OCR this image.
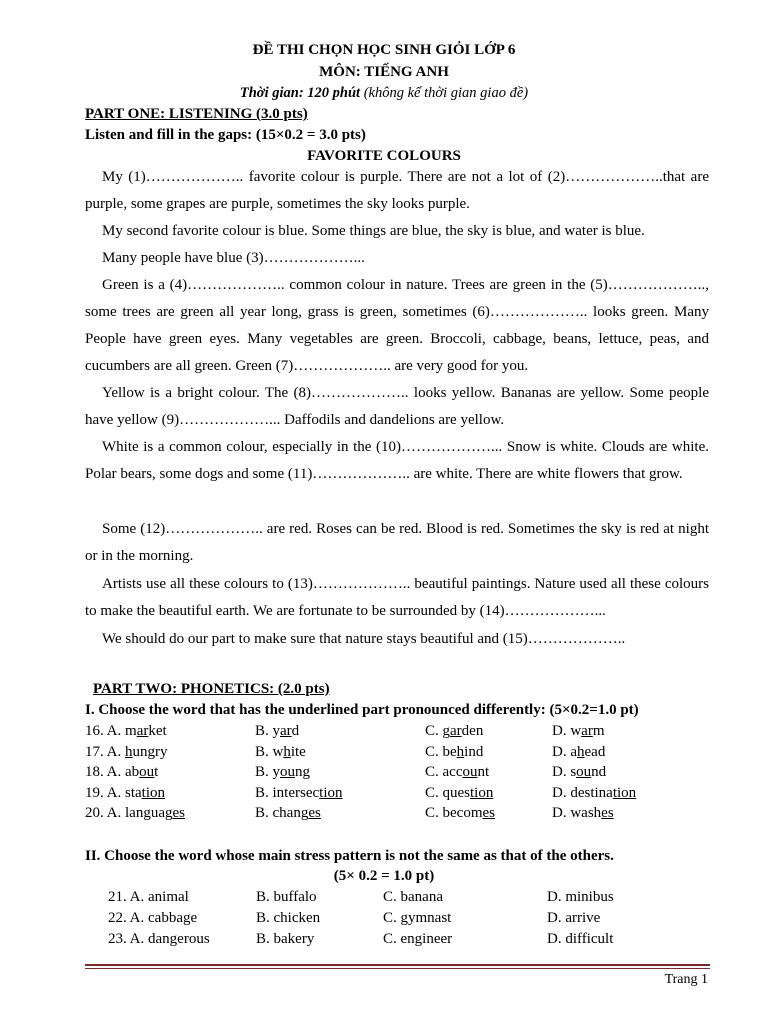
ĐỀ THI CHỌN HỌC SINH GIỎI LỚP 6
MÔN: TIẾNG ANH
Thời gian: 120 phút (không kể thời gian giao đề)
PART ONE: LISTENING (3.0 pts)
Listen and fill in the gaps: (15×0.2 = 3.0 pts)
FAVORITE COLOURS
My (1)……………….. favorite colour is purple. There are not a lot of (2)………………..that are purple, some grapes are purple, sometimes the sky looks purple.
My second favorite colour is blue. Some things are blue, the sky is blue, and water is blue.
Many people have blue (3)………………...
Green is a (4)……………….. common colour in nature. Trees are green in the (5)……………….., some trees are green all year long, grass is green, sometimes (6)……………….. looks green. Many People have green eyes. Many vegetables are green. Broccoli, cabbage, beans, lettuce, peas, and cucumbers are all green. Green (7)……………….. are very good for you.
Yellow is a bright colour. The (8)……………….. looks yellow. Bananas are yellow. Some people have yellow (9)………………... Daffodils and dandelions are yellow.
White is a common colour, especially in the (10)………………... Snow is white. Clouds are white. Polar bears, some dogs and some (11)……………….. are white. There are white flowers that grow.
Some (12)……………….. are red. Roses can be red. Blood is red. Sometimes the sky is red at night or in the morning.
Artists use all these colours to (13)……………….. beautiful paintings. Nature used all these colours to make the beautiful earth. We are fortunate to be surrounded by (14)………………...
We should do our part to make sure that nature stays beautiful and (15)………………..
PART TWO: PHONETICS: (2.0 pts)
I. Choose the word that has the underlined part pronounced differently: (5×0.2=1.0 pt)
16. A. market	B. yard	C. garden	D. warm
17. A. hungry	B. white	C. behind	D. ahead
18. A. about	B. young	C. account	D. sound
19. A. station	B. intersection	C. question	D. destination
20. A. languages	B. changes	C. becomes	D. washes
II. Choose the word whose main stress pattern is not the same as that of the others.
(5× 0.2 = 1.0 pt)
21. A. animal	B. buffalo	C. banana	D. minibus
22. A. cabbage	B. chicken	C. gymnast	D. arrive
23. A. dangerous	B. bakery	C. engineer	D. difficult
Trang 1
